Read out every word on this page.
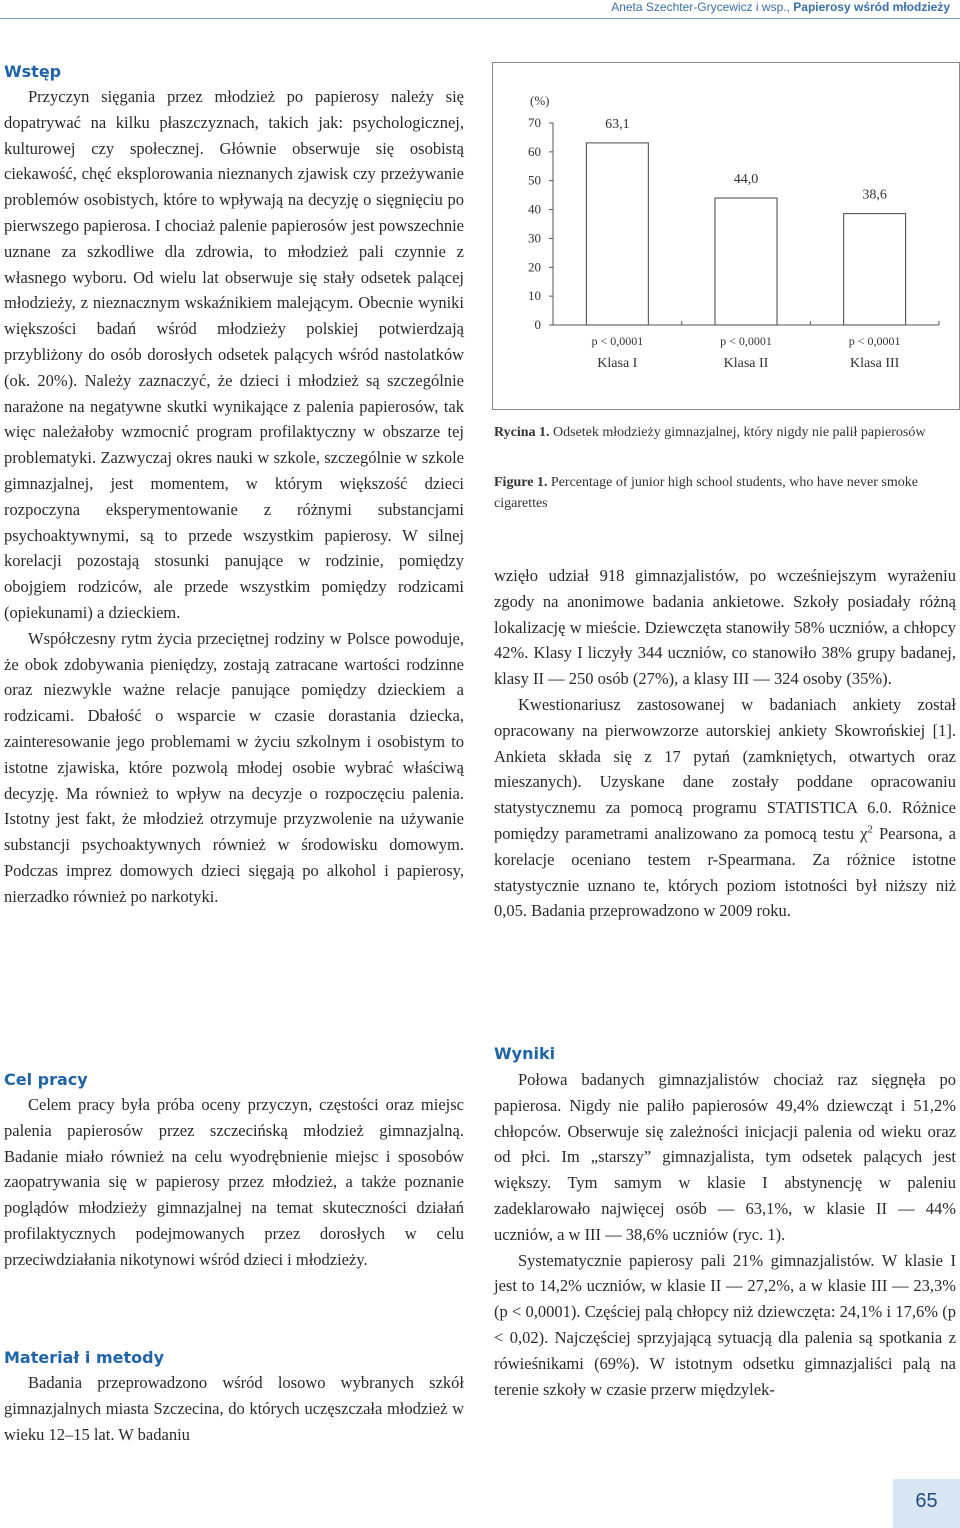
Aneta Szechter-Grycewicz i wsp., Papierosy wśród młodzieży
Wstęp

Przyczyn sięgania przez młodzież po papierosy należy się dopatrywać na kilku płaszczyznach, takich jak: psychologicznej, kulturowej czy społecznej. Głównie obserwuje się osobistą ciekawość, chęć eksplorowania nieznanych zjawisk czy przeżywanie problemów osobistych, które to wpływają na decyzję o sięgnięciu po pierwszego papierosa. I chociaż palenie papierosów jest powszechnie uznane za szkodliwe dla zdrowia, to młodzież pali czynnie z własnego wyboru. Od wielu lat obserwuje się stały odsetek palącej młodzieży, z nieznacznym wskaźnikiem malejącym. Obecnie wyniki większości badań wśród młodzieży polskiej potwierdzają przybliżony do osób dorosłych odsetek palących wśród nastolatków (ok. 20%). Należy zaznaczyć, że dzieci i młodzież są szczególnie narażone na negatywne skutki wynikające z palenia papierosów, tak więc należałoby wzmocnić program profilaktyczny w obszarze tej problematyki. Zazwyczaj okres nauki w szkole, szczególnie w szkole gimnazjalnej, jest momentem, w którym większość dzieci rozpoczyna eksperymentowanie z różnymi substancjami psychoaktywnymi, są to przede wszystkim papierosy. W silnej korelacji pozostają stosunki panujące w rodzinie, pomiędzy obojgiem rodziców, ale przede wszystkim pomiędzy rodzicami (opiekunami) a dzieckiem.

Współczesny rytm życia przeciętnej rodziny w Polsce powoduje, że obok zdobywania pieniędzy, zostają zatracane wartości rodzinne oraz niezwykle ważne relacje panujące pomiędzy dzieckiem a rodzicami. Dbałość o wsparcie w czasie dorastania dziecka, zainteresowanie jego problemami w życiu szkolnym i osobistym to istotne zjawiska, które pozwolą młodej osobie wybrać właściwą decyzję. Ma również to wpływ na decyzje o rozpoczęciu palenia. Istotny jest fakt, że młodzież otrzymuje przyzwolenie na używanie substancji psychoaktywnych również w środowisku domowym. Podczas imprez domowych dzieci sięgają po alkohol i papierosy, nierzadko również po narkotyki.

Cel pracy

Celem pracy była próba oceny przyczyn, częstości oraz miejsc palenia papierosów przez szczecińską młodzież gimnazjalną. Badanie miało również na celu wyodrębnienie miejsc i sposobów zaopatrywania się w papierosy przez młodzież, a także poznanie poglądów młodzieży gimnazjalnej na temat skuteczności działań profilaktycznych podejmowanych przez dorosłych w celu przeciwdziałania nikotynowi wśród dzieci i młodzieży.

Materiał i metody

Badania przeprowadzono wśród losowo wybranych szkół gimnazjalnych miasta Szczecina, do których uczęszczała młodzież w wieku 12–15 lat. W badaniu

(%)
0
10
20
30
40
50
60
70	63,1
p < 0,0001
Klasa I
44,0
p < 0,0001
Klasa II
38,6
p < 0,0001
Klasa III
Rycina 1. Odsetek młodzieży gimnazjalnej, który nigdy nie palił papierosów
Figure 1. Percentage of junior high school students, who have never smoke cigarettes

wzięło udział 918 gimnazjalistów, po wcześniejszym wyrażeniu zgody na anonimowe badania ankietowe. Szkoły posiadały różną lokalizację w mieście. Dziewczęta stanowiły 58% uczniów, a chłopcy 42%. Klasy I liczyły 344 uczniów, co stanowiło 38% grupy badanej, klasy II — 250 osób (27%), a klasy III — 324 osoby (35%).

Kwestionariusz zastosowanej w badaniach ankiety został opracowany na pierwowzorze autorskiej ankiety Skowrońskiej [1]. Ankieta składa się z 17 pytań (zamkniętych, otwartych oraz mieszanych). Uzyskane dane zostały poddane opracowaniu statystycznemu za pomocą programu STATISTICA 6.0. Różnice pomiędzy parametrami analizowano za pomocą testu $\chi^2$ Pearsona, a korelacje oceniano testem r-Spearmana. Za różnice istotne statystycznie uznano te, których poziom istotności był niższy niż 0,05. Badania przeprowadzono w 2009 roku.

Wyniki

Połowa badanych gimnazjalistów chociaż raz sięgnęła po papierosa. Nigdy nie paliło papierosów 49,4% dziewcząt i 51,2% chłopców. Obserwuje się zależności inicjacji palenia od wieku oraz od płci. Im „starszy” gimnazjalista, tym odsetek palących jest większy. Tym samym w klasie I abstynencję w paleniu zadeklarowało najwięcej osób — 63,1%, w klasie II — 44% uczniów, a w III — 38,6% uczniów (ryc. 1).

Systematycznie papierosy pali 21% gimnazjalistów. W klasie I jest to 14,2% uczniów, w klasie II — 27,2%, a w klasie III — 23,3% (p < 0,0001). Częściej palą chłopcy niż dziewczęta: 24,1% i 17,6% (p < 0,02). Najczęściej sprzyjającą sytuacją dla palenia są spotkania z rówieśnikami (69%). W istotnym odsetku gimnazjaliści palą na terenie szkoły w czasie przerw międzylek-

65
